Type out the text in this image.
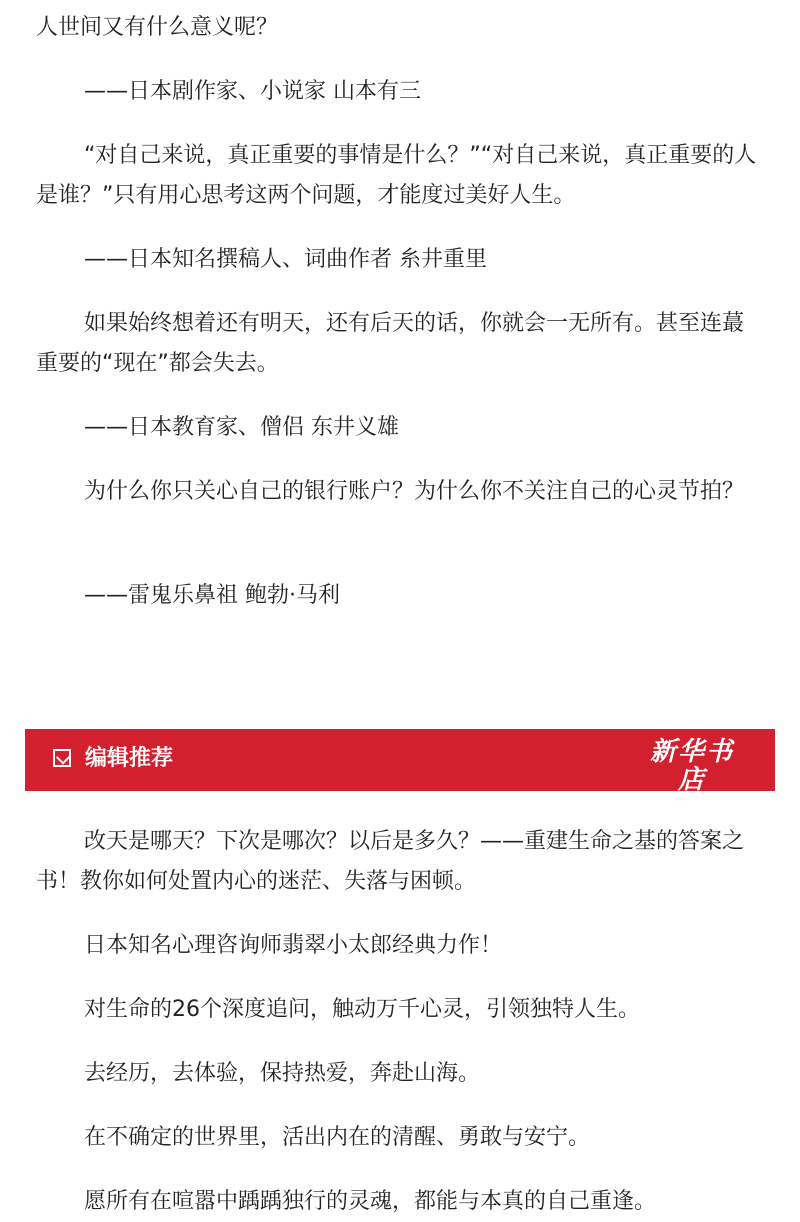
人世间又有什么意义呢？

——日本剧作家、小说家 山本有三

“对自己来说，真正重要的事情是什么？”“对自己来说，真正重要的人是谁？”只有用心思考这两个问题，才能度过美好人生。

——日本知名撰稿人、词曲作者 糸井重里

如果始终想着还有明天，还有后天的话，你就会一无所有。甚至连蕞重要的“现在”都会失去。

——日本教育家、僧侣 东井义雄

为什么你只关心自己的银行账户？为什么你不关注自己的心灵节拍？

——雷鬼乐鼻祖 鲍勃·马利

编辑推荐	新华书店
XINHUA BOOKSTORE

改天是哪天？下次是哪次？以后是多久？——重建生命之基的答案之书！教你如何处置内心的迷茫、失落与困顿。

日本知名心理咨询师翡翠小太郎经典力作！

对生命的26个深度追问，触动万千心灵，引领独特人生。

去经历，去体验，保持热爱，奔赴山海。

在不确定的世界里，活出内在的清醒、勇敢与安宁。

愿所有在喧嚣中踽踽独行的灵魂，都能与本真的自己重逢。
